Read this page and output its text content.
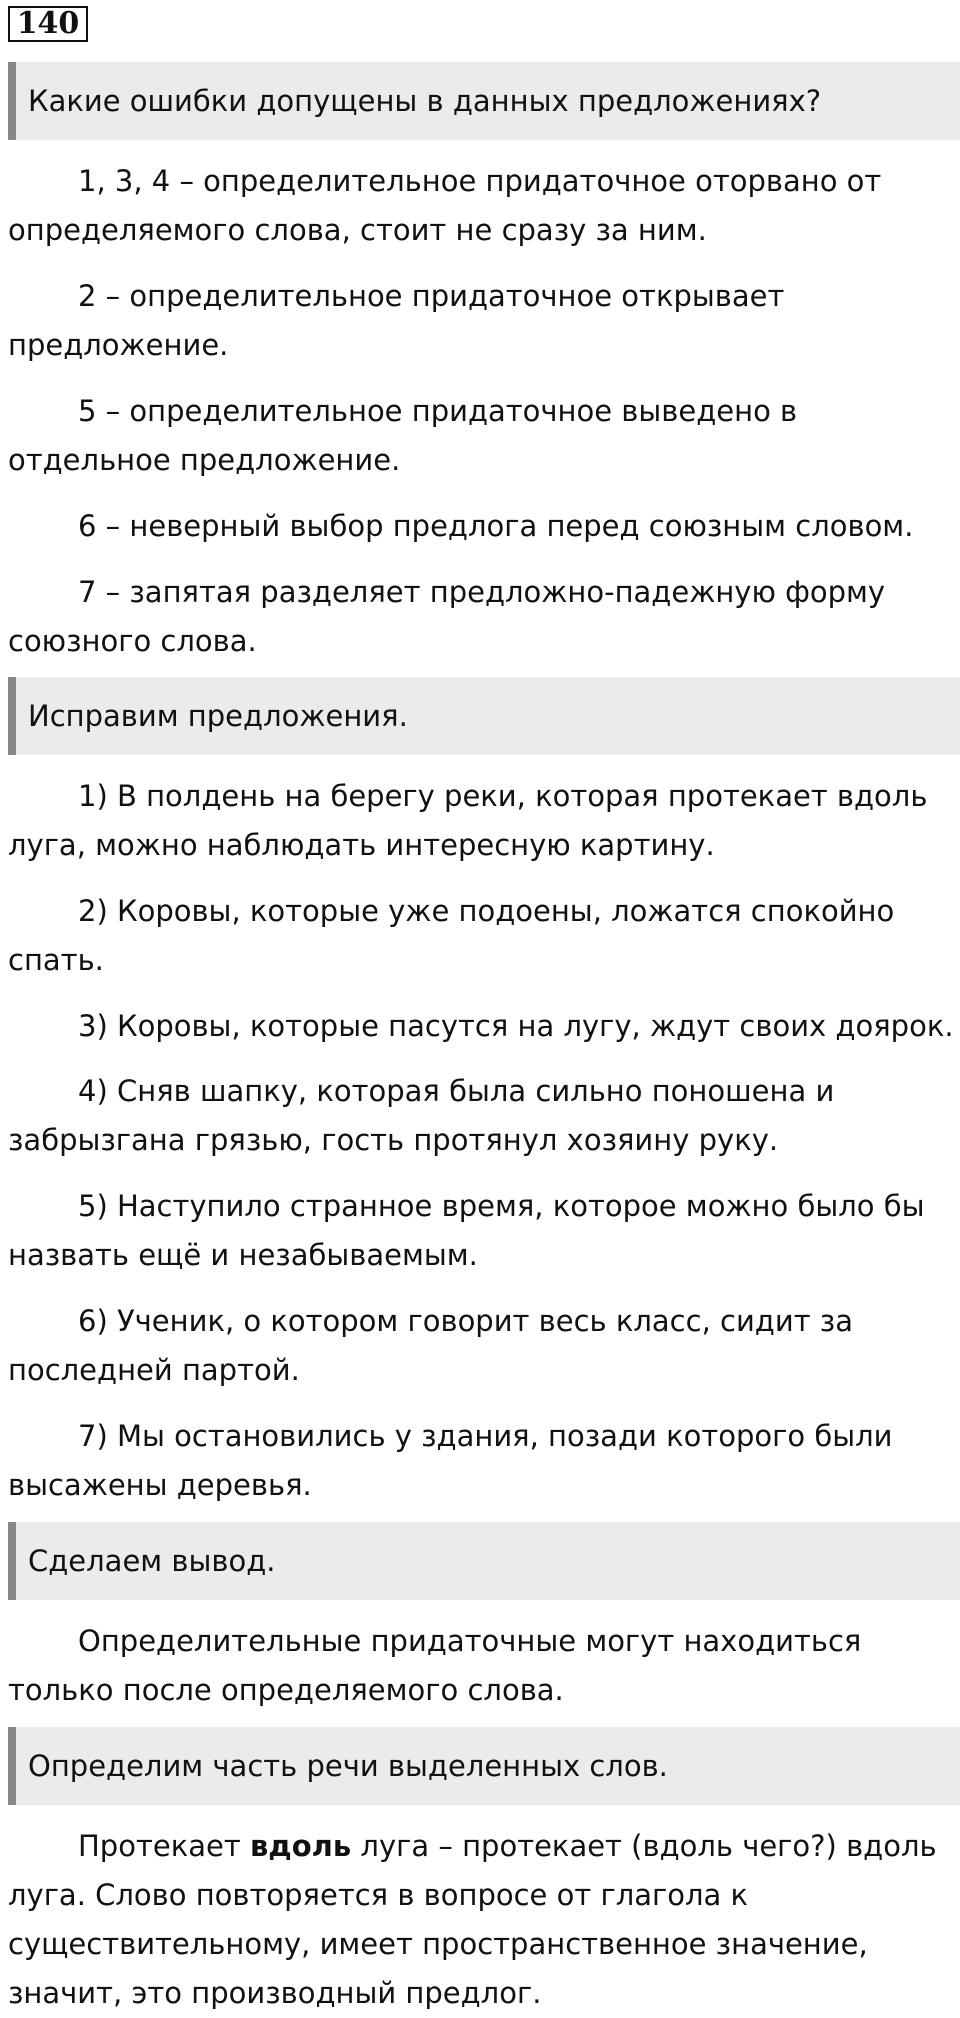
140
Какие ошибки допущены в данных предложениях?

1, 3, 4 – определительное придаточное оторвано от определяемого слова, стоит не сразу за ним.

2 – определительное придаточное открывает предложение.

5 – определительное придаточное выведено в отдельное предложение.

6 – неверный выбор предлога перед союзным словом.

7 – запятая разделяет предложно-падежную форму союзного слова.

Исправим предложения.

1) В полдень на берегу реки, которая протекает вдоль луга, можно наблюдать интересную картину.

2) Коровы, которые уже подоены, ложатся спокойно спать.

3) Коровы, которые пасутся на лугу, ждут своих доярок.

4) Сняв шапку, которая была сильно поношена и забрызгана грязью, гость протянул хозяину руку.

5) Наступило странное время, которое можно было бы назвать ещё и незабываемым.

6) Ученик, о котором говорит весь класс, сидит за последней партой.

7) Мы остановились у здания, позади которого были высажены деревья.

Сделаем вывод.

Определительные придаточные могут находиться только после определяемого слова.

Определим часть речи выделенных слов.

Протекает вдоль луга – протекает (вдоль чего?) вдоль луга. Слово повторяется в вопросе от глагола к существительному, имеет пространственное значение, значит, это производный предлог.
